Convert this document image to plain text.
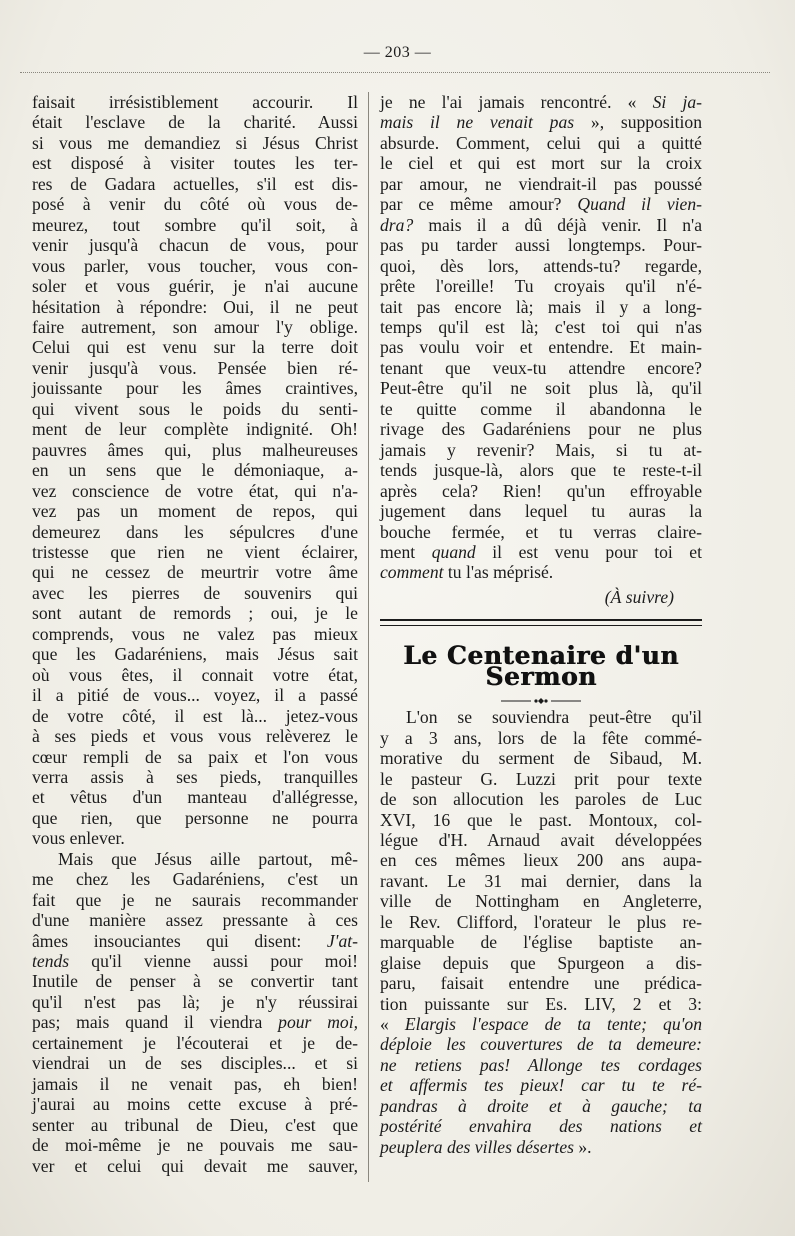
— 203 —

faisait irrésistiblement accourir. Il
était l'esclave de la charité. Aussi
si vous me demandiez si Jésus Christ
est disposé à visiter toutes les ter-
res de Gadara actuelles, s'il est dis-
posé à venir du côté où vous de-
meurez, tout sombre qu'il soit, à
venir jusqu'à chacun de vous, pour
vous parler, vous toucher, vous con-
soler et vous guérir, je n'ai aucune
hésitation à répondre: Oui, il ne peut
faire autrement, son amour l'y oblige.
Celui qui est venu sur la terre doit
venir jusqu'à vous. Pensée bien ré-
jouissante pour les âmes craintives,
qui vivent sous le poids du senti-
ment de leur complète indignité. Oh!
pauvres âmes qui, plus malheureuses
en un sens que le démoniaque, a-
vez conscience de votre état, qui n'a-
vez pas un moment de repos, qui
demeurez dans les sépulcres d'une
tristesse que rien ne vient éclairer,
qui ne cessez de meurtrir votre âme
avec les pierres de souvenirs qui
sont autant de remords ; oui, je le
comprends, vous ne valez pas mieux
que les Gadaréniens, mais Jésus sait
où vous êtes, il connait votre état,
il a pitié de vous... voyez, il a passé
de votre côté, il est là... jetez-vous
à ses pieds et vous vous relèverez le
cœur rempli de sa paix et l'on vous
verra assis à ses pieds, tranquilles
et vêtus d'un manteau d'allégresse,
que rien, que personne ne pourra
vous enlever.

Mais que Jésus aille partout, mê-
me chez les Gadaréniens, c'est un
fait que je ne saurais recommander
d'une manière assez pressante à ces
âmes insouciantes qui disent: J'at-
tends qu'il vienne aussi pour moi!
Inutile de penser à se convertir tant
qu'il n'est pas là; je n'y réussirai
pas; mais quand il viendra pour moi,
certainement je l'écouterai et je de-
viendrai un de ses disciples... et si
jamais il ne venait pas, eh bien!
j'aurai au moins cette excuse à pré-
senter au tribunal de Dieu, c'est que
de moi-même je ne pouvais me sau-
ver et celui qui devait me sauver,

je ne l'ai jamais rencontré. « Si ja-
mais il ne venait pas », supposition
absurde. Comment, celui qui a quitté
le ciel et qui est mort sur la croix
par amour, ne viendrait-il pas poussé
par ce même amour? Quand il vien-
dra? mais il a dû déjà venir. Il n'a
pas pu tarder aussi longtemps. Pour-
quoi, dès lors, attends-tu? regarde,
prête l'oreille! Tu croyais qu'il n'é-
tait pas encore là; mais il y a long-
temps qu'il est là; c'est toi qui n'as
pas voulu voir et entendre. Et main-
tenant que veux-tu attendre encore?
Peut-être qu'il ne soit plus là, qu'il
te quitte comme il abandonna le
rivage des Gadaréniens pour ne plus
jamais y revenir? Mais, si tu at-
tends jusque-là, alors que te reste-t-il
après cela? Rien! qu'un effroyable
jugement dans lequel tu auras la
bouche fermée, et tu verras claire-
ment quand il est venu pour toi et
comment tu l'as méprisé.

(À suivre)
Le Centenaire d'un Sermon

L'on se souviendra peut-être qu'il
y a 3 ans, lors de la fête commé-
morative du serment de Sibaud, M.
le pasteur G. Luzzi prit pour texte
de son allocution les paroles de Luc
XVI, 16 que le past. Montoux, col-
légue d'H. Arnaud avait développées
en ces mêmes lieux 200 ans aupa-
ravant. Le 31 mai dernier, dans la
ville de Nottingham en Angleterre,
le Rev. Clifford, l'orateur le plus re-
marquable de l'église baptiste an-
glaise depuis que Spurgeon a dis-
paru, faisait entendre une prédica-
tion puissante sur Es. LIV, 2 et 3:
« Elargis l'espace de ta tente; qu'on
déploie les couvertures de ta demeure:
ne retiens pas! Allonge tes cordages
et affermis tes pieux! car tu te ré-
pandras à droite et à gauche; ta
postérité envahira des nations et
peuplera des villes désertes ».
